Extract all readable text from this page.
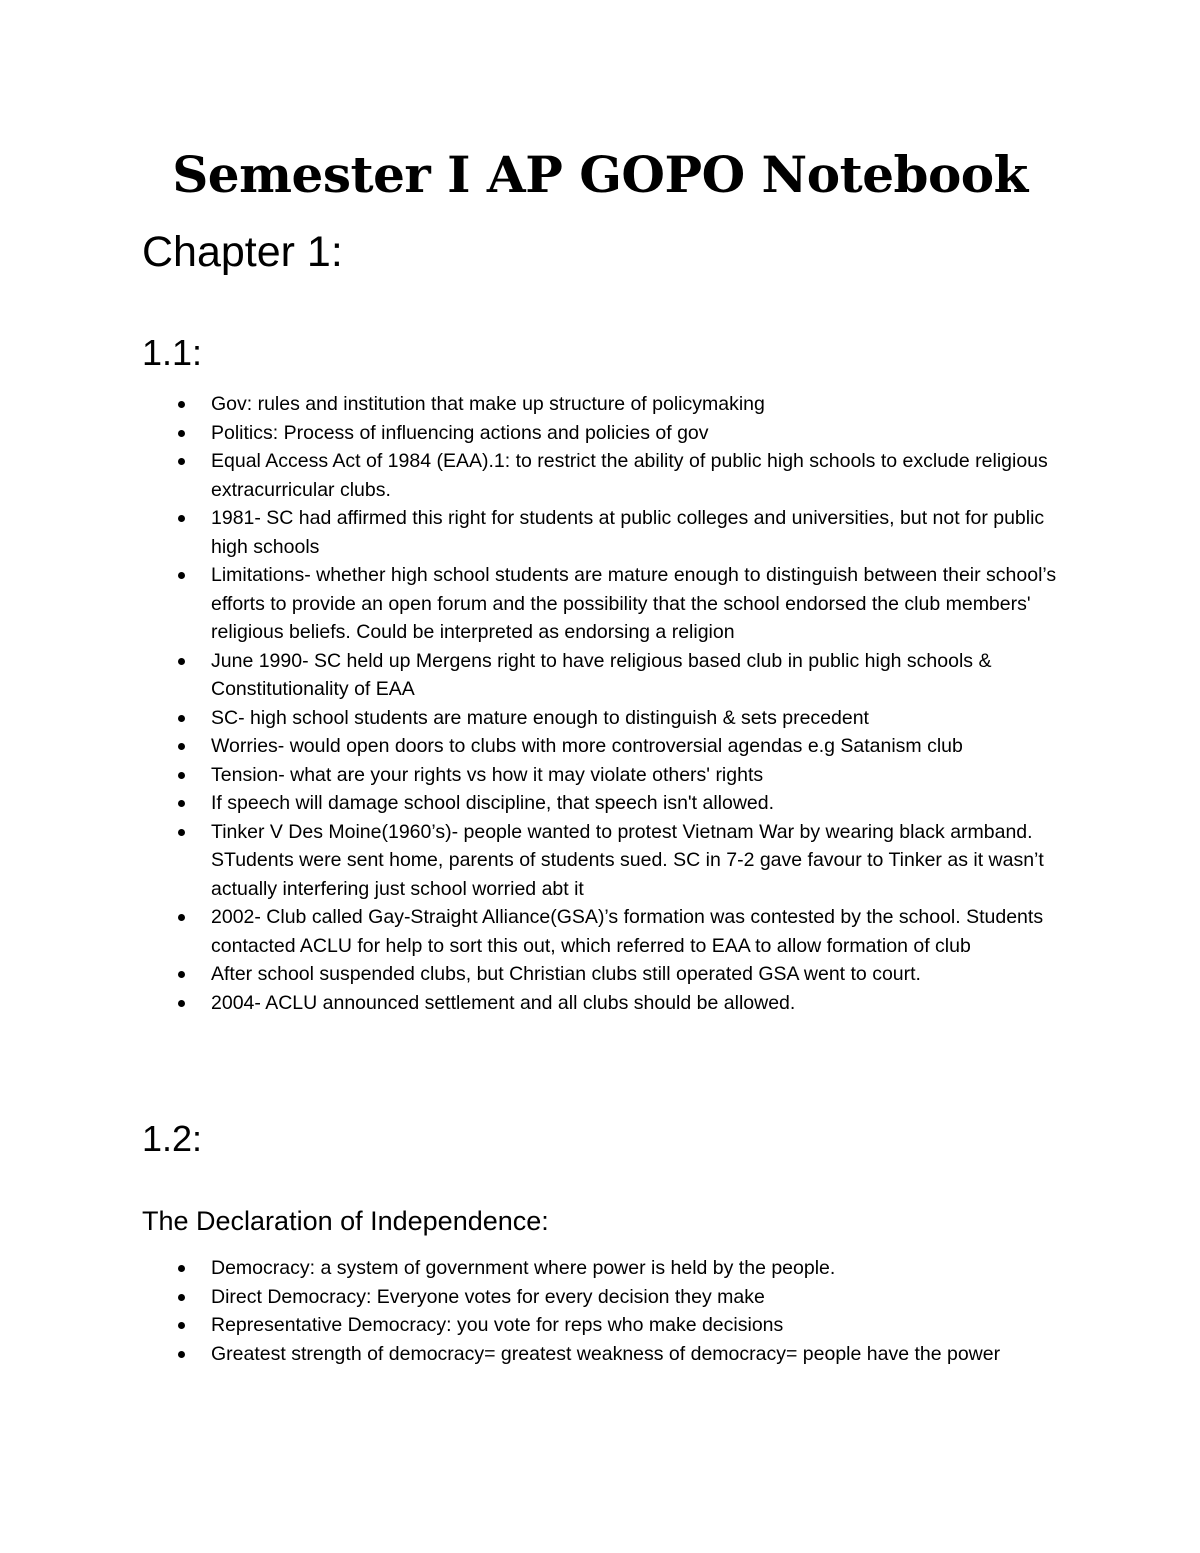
Semester I AP GOPO Notebook
Chapter 1:
1.1:
Gov: rules and institution that make up structure of policymaking
Politics: Process of influencing actions and policies of gov
Equal Access Act of 1984 (EAA).1: to restrict the ability of public high schools to exclude religious extracurricular clubs.
1981- SC had affirmed this right for students at public colleges and universities, but not for public high schools
Limitations- whether high school students are mature enough to distinguish between their school’s efforts to provide an open forum and the possibility that the school endorsed the club members' religious beliefs. Could be interpreted as endorsing a religion
June 1990- SC held up Mergens right to have religious based club in public high schools & Constitutionality of EAA
SC- high school students are mature enough to distinguish & sets precedent
Worries- would open doors to clubs with more controversial agendas e.g Satanism club
Tension- what are your rights vs how it may violate others' rights
If speech will damage school discipline, that speech isn't allowed.
Tinker V Des Moine(1960’s)- people wanted to protest Vietnam War by wearing black armband. STudents were sent home, parents of students sued. SC in 7-2 gave favour to Tinker as it wasn’t actually interfering just school worried abt it
2002- Club called Gay-Straight Alliance(GSA)’s formation was contested by the school. Students contacted ACLU for help to sort this out, which referred to EAA to allow formation of club
After school suspended clubs, but Christian clubs still operated GSA went to court.
2004- ACLU announced settlement and all clubs should be allowed.
1.2:
The Declaration of Independence:
Democracy: a system of government where power is held by the people.
Direct Democracy: Everyone votes for every decision they make
Representative Democracy: you vote for reps who make decisions
Greatest strength of democracy= greatest weakness of democracy= people have the power
